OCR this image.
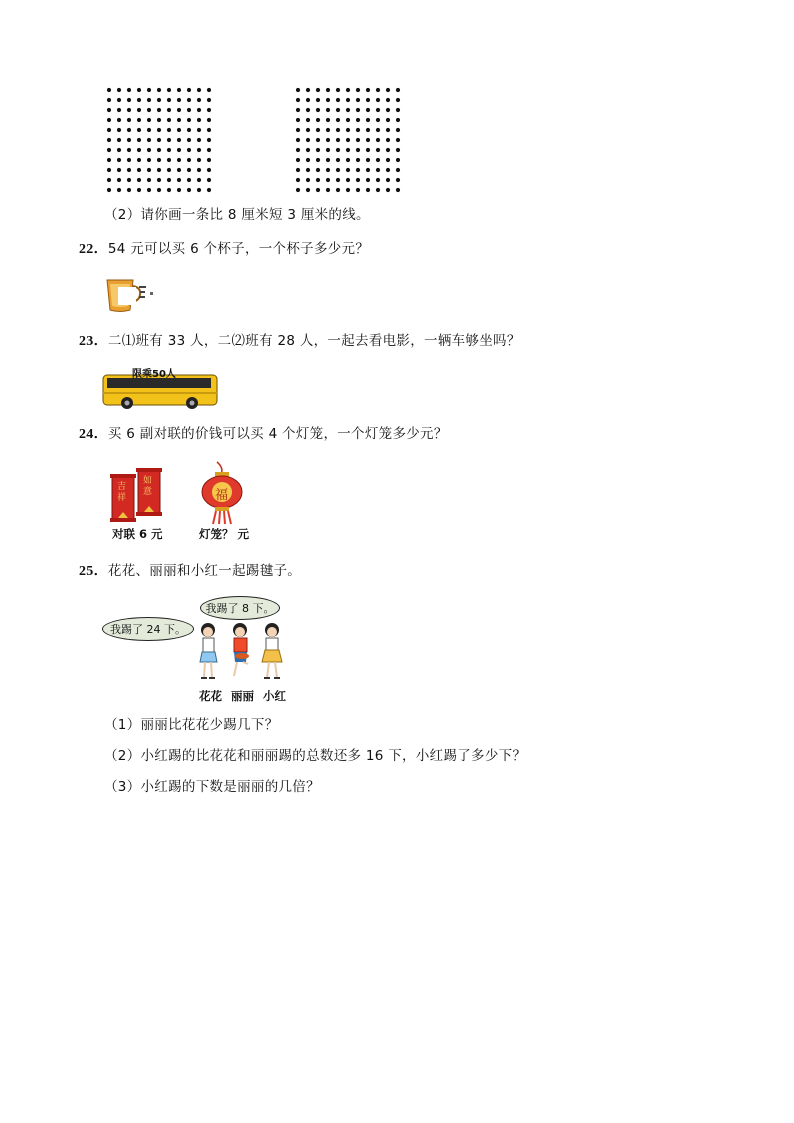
（2）请你画一条比 8 厘米短 3 厘米的线。
22．54 元可以买 6 个杯子，一个杯子多少元？
23．二⑴班有 33 人，二⑵班有 28 人，一起去看电影，一辆车够坐吗？
限乘50人
24．买 6 副对联的价钱可以买 4 个灯笼，一个灯笼多少元？
吉祥
如意	福
对联 6 元	灯笼？ 元
25．花花、丽丽和小红一起踢毽子。
我踢了 24 下。
我踢了 8 下。
花花 丽丽 小红
（1）丽丽比花花少踢几下？
（2）小红踢的比花花和丽丽踢的总数还多 16 下，小红踢了多少下？
（3）小红踢的下数是丽丽的几倍？
